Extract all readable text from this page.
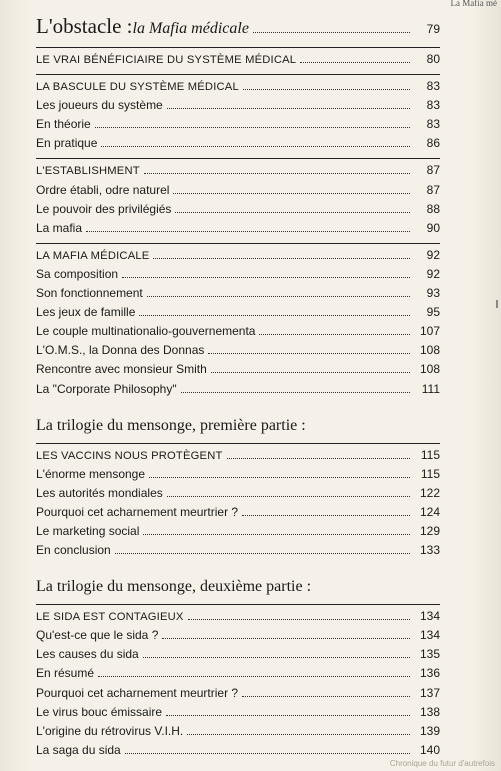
La Mafia mé
L'obstacle : la Mafia médicale	79
LE VRAI BÉNÉFICIAIRE DU SYSTÈME MÉDICAL	80
LA BASCULE DU SYSTÈME MÉDICAL	83
Les joueurs du système	83
En théorie	83
En pratique	86
L'ESTABLISHMENT	87
Ordre établi, odre naturel	87
Le pouvoir des privilégiés	88
La mafia	90
LA MAFIA MÉDICALE	92
Sa composition	92
Son fonctionnement	93
Les jeux de famille	95
Le couple multinationalio-gouvernementa	107
L'O.M.S., la Donna des Donnas	108
Rencontre avec monsieur Smith	108
La "Corporate Philosophy"	111
La trilogie du mensonge, première partie :
LES VACCINS NOUS PROTÈGENT	115
L'énorme mensonge	115
Les autorités mondiales	122
Pourquoi cet acharnement meurtrier ?	124
Le marketing social	129
En conclusion	133
La trilogie du mensonge, deuxième partie :
LE SIDA EST CONTAGIEUX	134
Qu'est-ce que le sida ?	134
Les causes du sida	135
En résumé	136
Pourquoi cet acharnement meurtrier ?	137
Le virus bouc émissaire	138
L'origine du rétrovirus V.I.H.	139
La saga du sida	140
Chronique du futur d'autrefois
